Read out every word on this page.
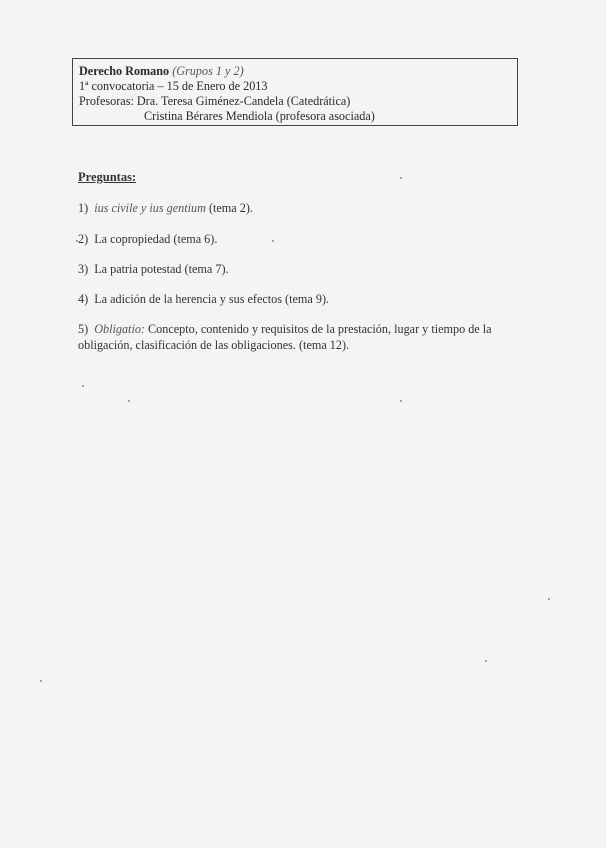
Derecho Romano (Grupos 1 y 2)
1ª convocatoria – 15 de Enero de 2013
Profesoras: Dra. Teresa Giménez-Candela (Catedrática)
Cristina Bérares Mendiola (profesora asociada)
Preguntas:
1) ius civile y ius gentium (tema 2).
2) La copropiedad (tema 6).
3) La patria potestad (tema 7).
4) La adición de la herencia y sus efectos (tema 9).
5) Obligatio: Concepto, contenido y requisitos de la prestación, lugar y tiempo de la obligación, clasificación de las obligaciones. (tema 12).
